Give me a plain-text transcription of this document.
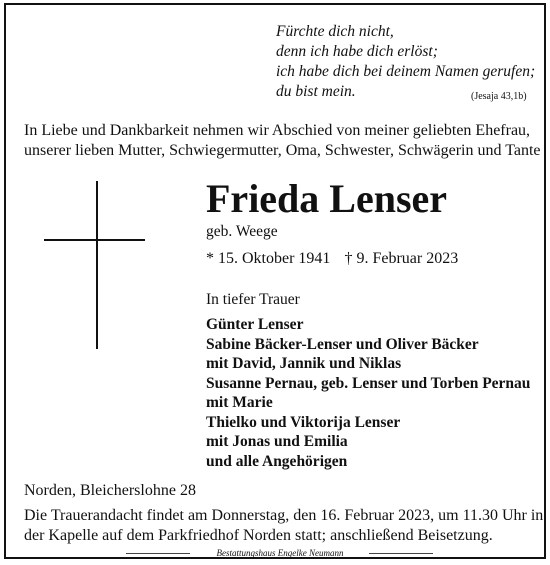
Fürchte dich nicht,
denn ich habe dich erlöst;
ich habe dich bei deinem Namen gerufen;
du bist mein.	(Jesaja 43,1b)
In Liebe und Dankbarkeit nehmen wir Abschied von meiner geliebten Ehefrau,
unserer lieben Mutter, Schwiegermutter, Oma, Schwester, Schwägerin und Tante
Frieda Lenser
geb. Weege
* 15. Oktober 1941 † 9. Februar 2023
In tiefer Trauer
Günter Lenser
Sabine Bäcker-Lenser und Oliver Bäcker
mit David, Jannik und Niklas
Susanne Pernau, geb. Lenser und Torben Pernau
mit Marie
Thielko und Viktorija Lenser
mit Jonas und Emilia
und alle Angehörigen
Norden, Bleicherslohne 28
Die Trauerandacht findet am Donnerstag, den 16. Februar 2023, um 11.30 Uhr in
der Kapelle auf dem Parkfriedhof Norden statt; anschließend Beisetzung.
Bestattungshaus Engelke Neumann
